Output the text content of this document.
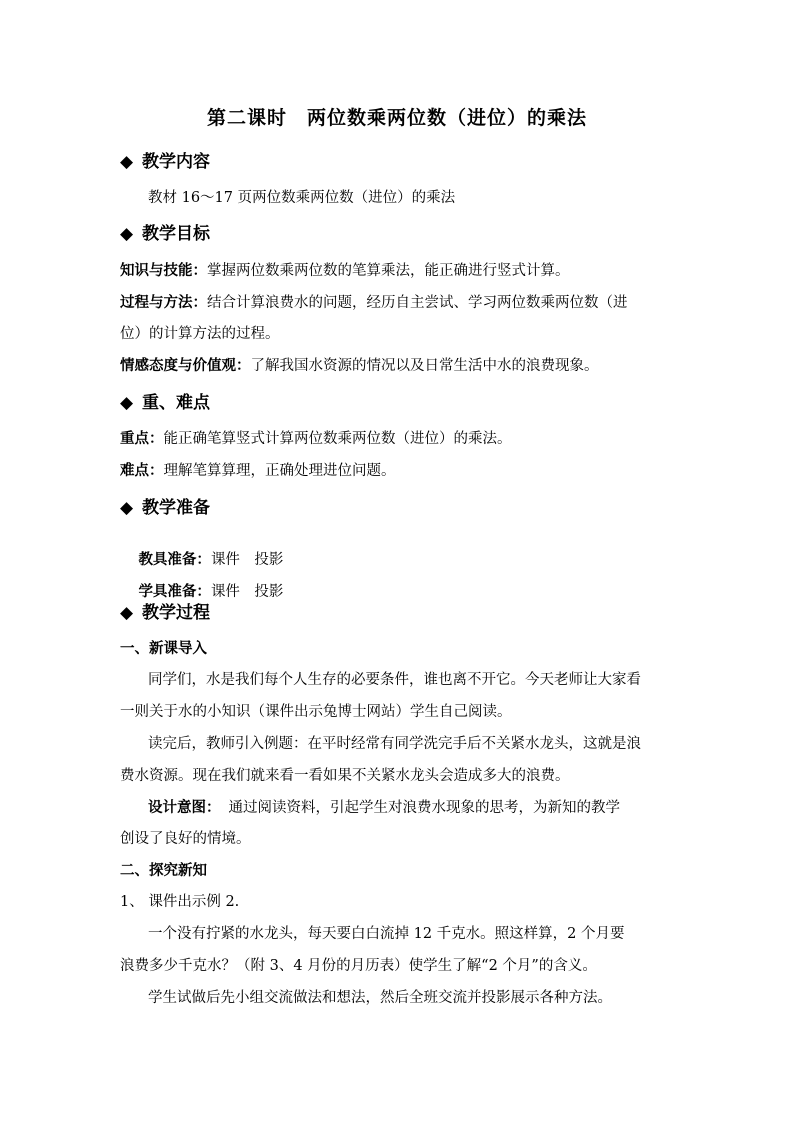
第二课时　两位数乘两位数（进位）的乘法
◆ 教学内容
教材 16～17 页两位数乘两位数（进位）的乘法
◆ 教学目标
知识与技能：掌握两位数乘两位数的笔算乘法，能正确进行竖式计算。
过程与方法：结合计算浪费水的问题，经历自主尝试、学习两位数乘两位数（进
位）的计算方法的过程。
情感态度与价值观：了解我国水资源的情况以及日常生活中水的浪费现象。
◆ 重、难点
重点：能正确笔算竖式计算两位数乘两位数（进位）的乘法。
难点：理解笔算算理，正确处理进位问题。
◆ 教学准备

教具准备：课件　投影

学具准备：课件　投影

◆ 教学过程
一、新课导入
同学们，水是我们每个人生存的必要条件，谁也离不开它。今天老师让大家看
一则关于水的小知识（课件出示兔博士网站）学生自己阅读。
读完后，教师引入例题：在平时经常有同学洗完手后不关紧水龙头，这就是浪
费水资源。现在我们就来看一看如果不关紧水龙头会造成多大的浪费。
设计意图： 通过阅读资料，引起学生对浪费水现象的思考，为新知的教学
创设了良好的情境。
二、探究新知
1、 课件出示例 2.
一个没有拧紧的水龙头，每天要白白流掉 12 千克水。照这样算，2 个月要
浪费多少千克水？（附 3、4 月份的月历表）使学生了解“2 个月”的含义。
学生试做后先小组交流做法和想法，然后全班交流并投影展示各种方法。
